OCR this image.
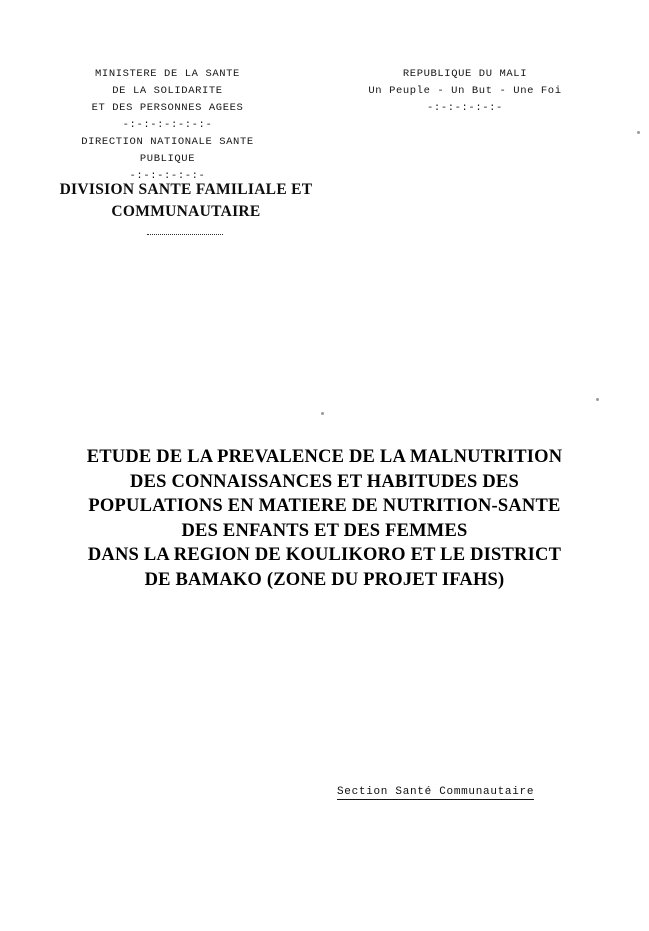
MINISTERE DE LA SANTE
DE LA SOLIDARITE
ET DES PERSONNES AGEES
-:-:-:-:-:-:-
DIRECTION NATIONALE SANTE
PUBLIQUE
-:-:-:-:-:-
REPUBLIQUE DU MALI
Un Peuple - Un But - Une Foi
-:-:-:-:-:-
DIVISION SANTE FAMILIALE ET
COMMUNAUTAIRE
ETUDE DE LA PREVALENCE DE LA MALNUTRITION
DES CONNAISSANCES ET HABITUDES DES
POPULATIONS EN MATIERE DE NUTRITION-SANTE
DES ENFANTS ET DES FEMMES
DANS LA REGION DE KOULIKORO ET LE DISTRICT
DE BAMAKO (ZONE DU PROJET IFAHS)
Section Santé Communautaire
